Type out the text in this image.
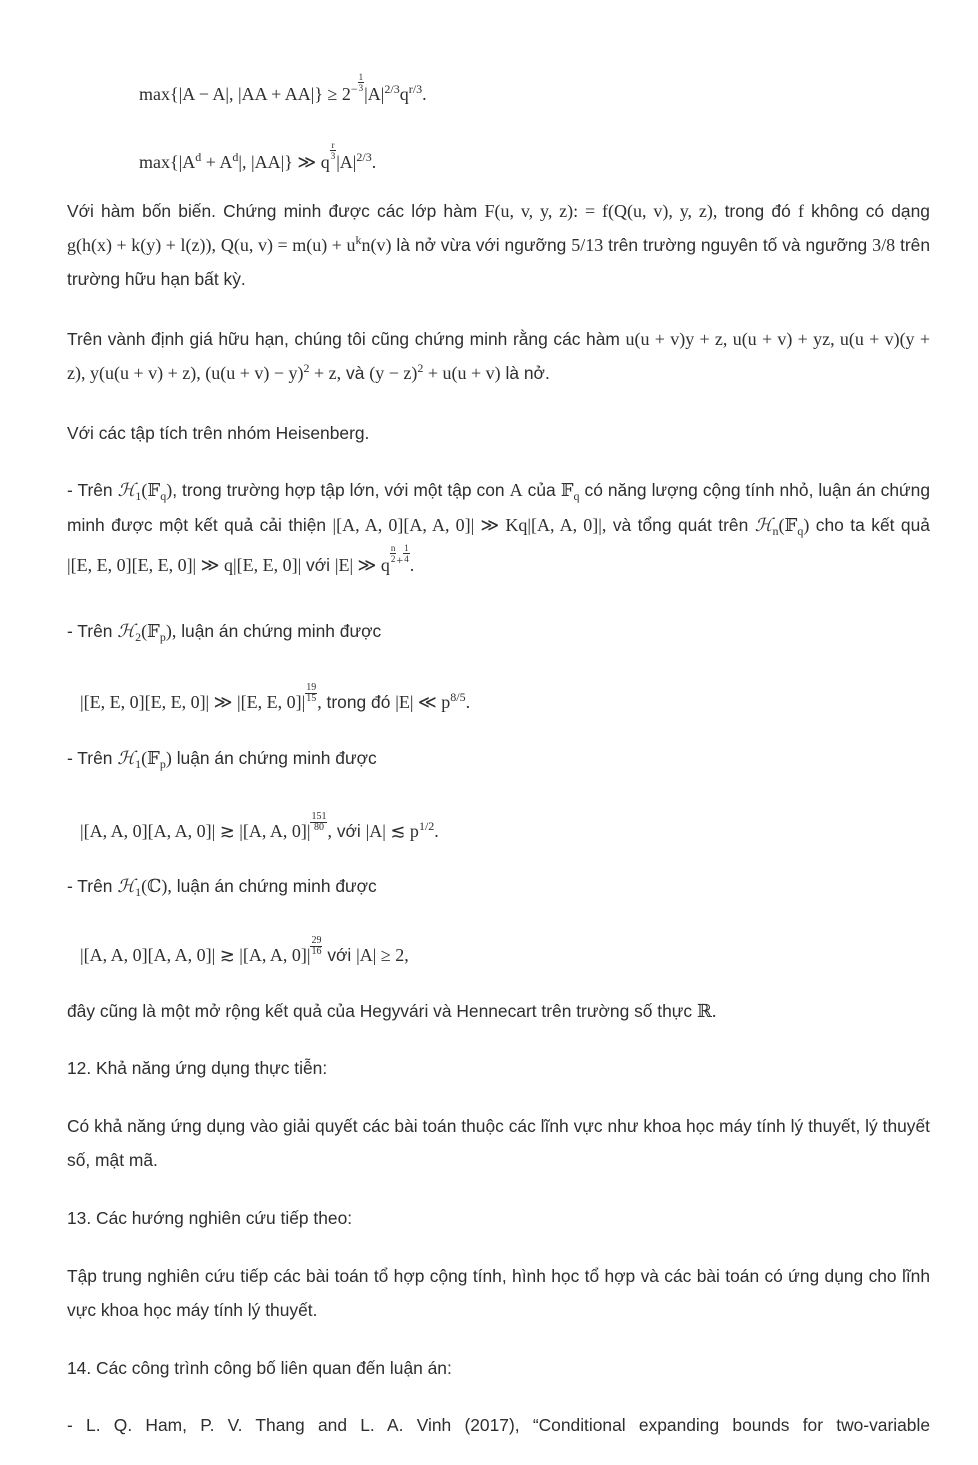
max{|A − A|, $|AA + AA|\} \ge 2^{- \frac{1}{3}}$
$|A|^{2/3}q^{r/3}$.
$\max\{|A^d + A^d|$, |AA|} ≫ q
$^{\frac{r}{3}}$
$|A|^{2/3}$.

Với hàm bốn biến. Chứng minh được các lớp hàm F(u, v, y, z): = f(Q(u, v), y, z), trong đó f không có dạng g(h(x) + k(y) + l(z)), Q(u, $v) = m(u) + u^kn(v)$ là nở vừa với ngưỡng 5/13 trên trường nguyên tố và ngưỡng 3/8 trên trường hữu hạn bất kỳ.

Trên vành định giá hữu hạn, chúng tôi cũng chứng minh rằng các hàm u(u + v)y + z, u(u + v) + yz, u(u + v)(y + z), y(u(u + v) + z), $(u(u + v) - y)^2 + z$, và $(y - z)^2 + u(u + v)$ là nở.

Với các tập tích trên nhóm Heisenberg.

- Trên ℋ$_1$(𝔽$_q$), trong trường hợp tập lớn, với một tập con A của 𝔽$_q$ có năng lượng cộng tính nhỏ, luận án chứng minh được một kết quả cải thiện |[A, A, 0][A, A, 0]| ≫ Kq|[A, A, 0]|, và tổng quát trên ℋ$_n$(𝔽$_q$) cho ta kết quả |[E, E, 0][E, E, 0]| ≫ q|[E, E, 0]| với |E| ≫ q
$^{\frac{n}{2} + \frac{1}{4}}$
.

- Trên ℋ$_2$(𝔽$_p$), luận án chứng minh được

|[E, E, 0][E, E, 0]| ≫ |[E, E, $0]| \frac{19}{15}$ , trong đó |E| ≪ $p^{8/5}$.

- Trên ℋ$_1$(𝔽$_p$) luận án chứng minh được

|[A, A, 0][A, A, 0]| ≳ |[A, A, $0]| \frac{151}{80}$ , với |A| ≲ $p^{1/2}$.

- Trên ℋ$_1$(ℂ), luận án chứng minh được

|[A, A, 0][A, A, 0]| ≳ |[A, A, $0]| \frac{29}{16}$ với |A| ≥ 2,

đây cũng là một mở rộng kết quả của Hegyvári và Hennecart trên trường số thực ℝ.

12. Khả năng ứng dụng thực tiễn:

Có khả năng ứng dụng vào giải quyết các bài toán thuộc các lĩnh vực như khoa học máy tính lý thuyết, lý thuyết số, mật mã.

13. Các hướng nghiên cứu tiếp theo:

Tập trung nghiên cứu tiếp các bài toán tổ hợp cộng tính, hình học tổ hợp và các bài toán có ứng dụng cho lĩnh vực khoa học máy tính lý thuyết.

14. Các công trình công bố liên quan đến luận án:

- L. Q. Ham, P. V. Thang and L. A. Vinh (2017), “Conditional expanding bounds for two-variable
